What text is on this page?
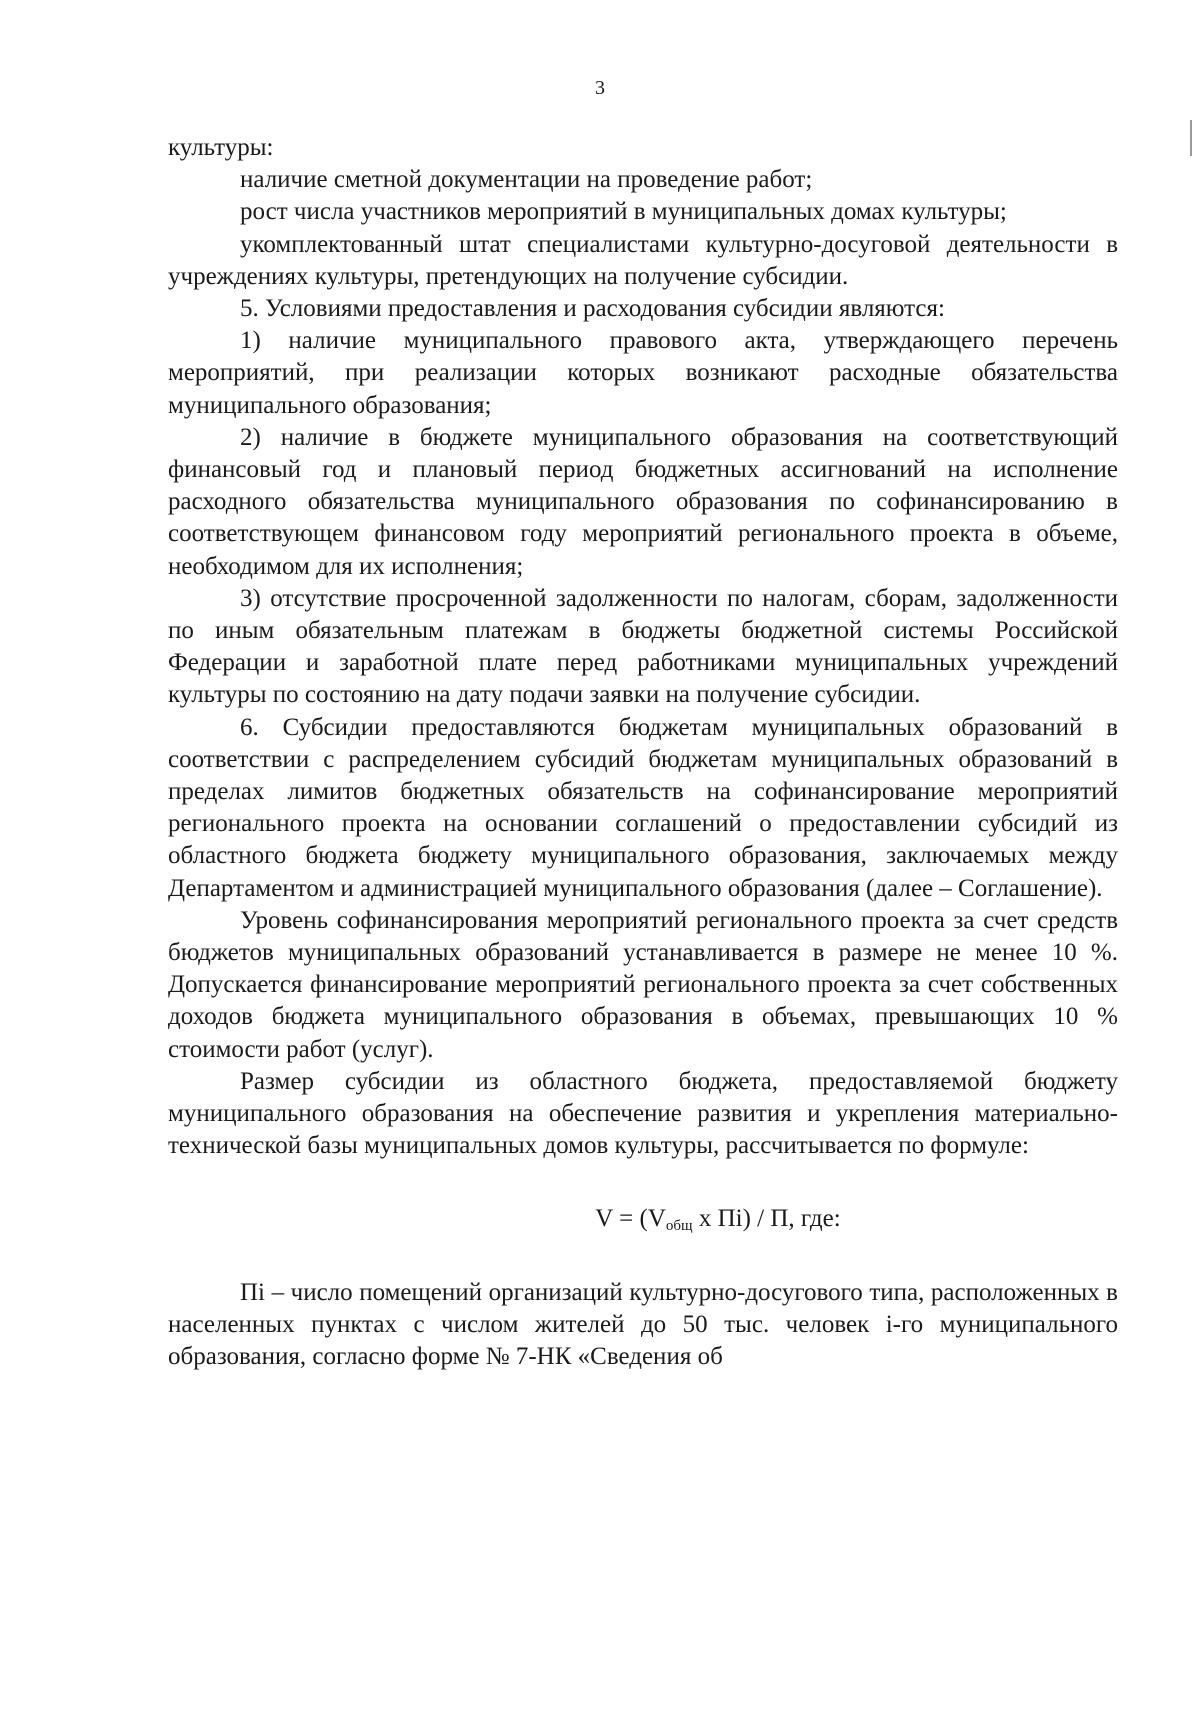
3

культуры:

наличие сметной документации на проведение работ;

рост числа участников мероприятий в муниципальных домах культуры;

укомплектованный штат специалистами культурно-досуговой деятельности в учреждениях культуры, претендующих на получение субсидии.

5. Условиями предоставления и расходования субсидии являются:

1) наличие муниципального правового акта, утверждающего перечень мероприятий, при реализации которых возникают расходные обязательства муниципального образования;

2) наличие в бюджете муниципального образования на соответствующий финансовый год и плановый период бюджетных ассигнований на исполнение расходного обязательства муниципального образования по софинансированию в соответствующем финансовом году мероприятий регионального проекта в объеме, необходимом для их исполнения;

3) отсутствие просроченной задолженности по налогам, сборам, задолженности по иным обязательным платежам в бюджеты бюджетной системы Российской Федерации и заработной плате перед работниками муниципальных учреждений культуры по состоянию на дату подачи заявки на получение субсидии.

6. Субсидии предоставляются бюджетам муниципальных образований в соответствии с распределением субсидий бюджетам муниципальных образований в пределах лимитов бюджетных обязательств на софинансирование мероприятий регионального проекта на основании соглашений о предоставлении субсидий из областного бюджета бюджету муниципального образования, заключаемых между Департаментом и администрацией муниципального образования (далее – Соглашение).

Уровень софинансирования мероприятий регионального проекта за счет средств бюджетов муниципальных образований устанавливается в размере не менее 10 %. Допускается финансирование мероприятий регионального проекта за счет собственных доходов бюджета муниципального образования в объемах, превышающих 10 % стоимости работ (услуг).

Размер субсидии из областного бюджета, предоставляемой бюджету муниципального образования на обеспечение развития и укрепления материально-технической базы муниципальных домов культуры, рассчитывается по формуле:

$V = (V_{общ}$ х Пi) / П, где:

Пi – число помещений организаций культурно-досугового типа, расположенных в населенных пунктах с числом жителей до 50 тыс. человек i-го муниципального образования, согласно форме № 7-НК «Сведения об
